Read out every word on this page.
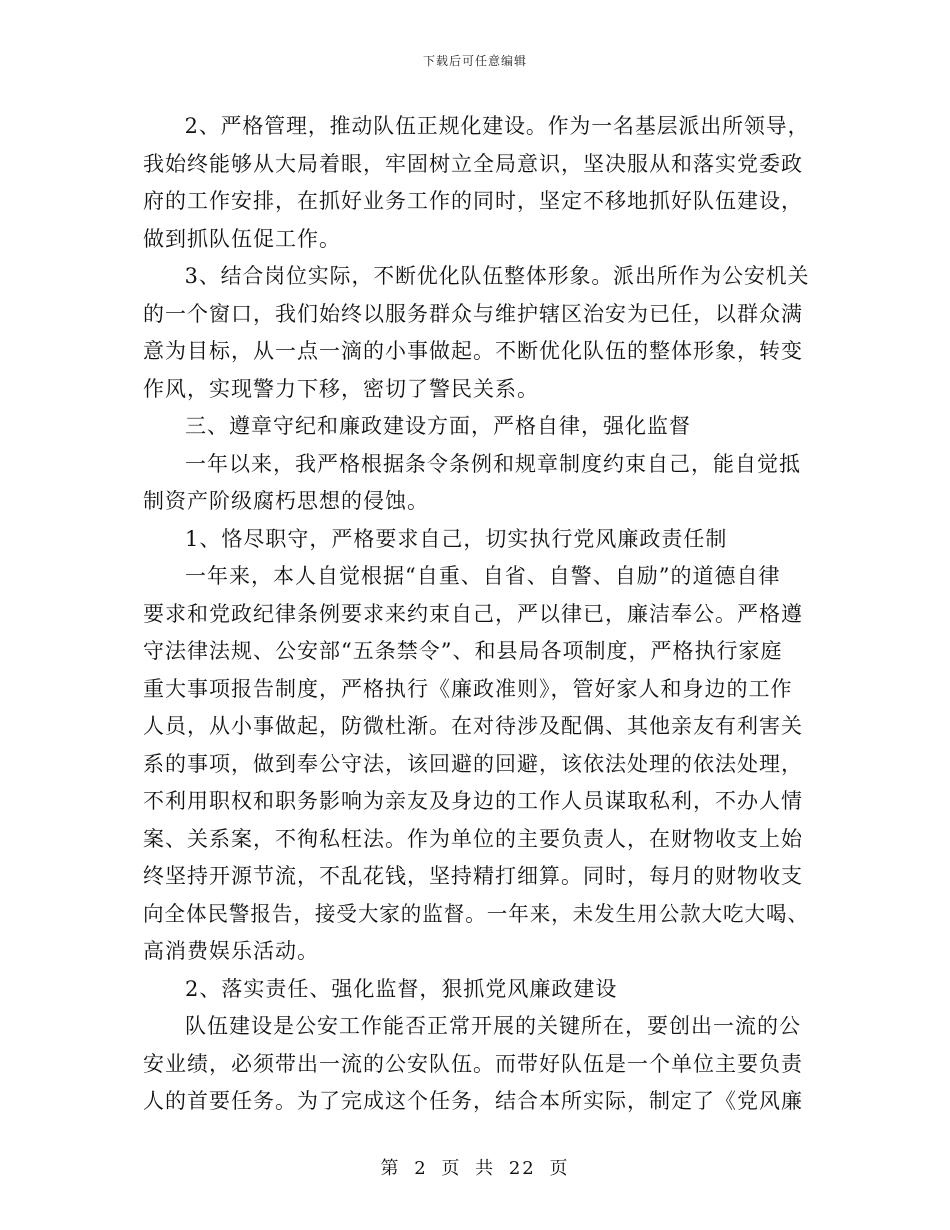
下载后可任意编辑
2、严格管理，推动队伍正规化建设。作为一名基层派出所领导，
我始终能够从大局着眼，牢固树立全局意识，坚决服从和落实党委政
府的工作安排，在抓好业务工作的同时，坚定不移地抓好队伍建设，
做到抓队伍促工作。
3、结合岗位实际，不断优化队伍整体形象。派出所作为公安机关
的一个窗口，我们始终以服务群众与维护辖区治安为已任，以群众满
意为目标，从一点一滴的小事做起。不断优化队伍的整体形象，转变
作风，实现警力下移，密切了警民关系。
三、遵章守纪和廉政建设方面，严格自律，强化监督
一年以来，我严格根据条令条例和规章制度约束自己，能自觉抵
制资产阶级腐朽思想的侵蚀。
1、恪尽职守，严格要求自己，切实执行党风廉政责任制
一年来，本人自觉根据“自重、自省、自警、自励”的道德自律
要求和党政纪律条例要求来约束自己，严以律已，廉洁奉公。严格遵
守法律法规、公安部“五条禁令”、和县局各项制度，严格执行家庭
重大事项报告制度，严格执行《廉政准则》，管好家人和身边的工作
人员，从小事做起，防微杜渐。在对待涉及配偶、其他亲友有利害关
系的事项，做到奉公守法，该回避的回避，该依法处理的依法处理，
不利用职权和职务影响为亲友及身边的工作人员谋取私利，不办人情
案、关系案，不徇私枉法。作为单位的主要负责人，在财物收支上始
终坚持开源节流，不乱花钱，坚持精打细算。同时，每月的财物收支
向全体民警报告，接受大家的监督。一年来，未发生用公款大吃大喝、
高消费娱乐活动。
2、落实责任、强化监督，狠抓党风廉政建设
队伍建设是公安工作能否正常开展的关键所在，要创出一流的公
安业绩，必须带出一流的公安队伍。而带好队伍是一个单位主要负责
人的首要任务。为了完成这个任务，结合本所实际，制定了《党风廉
第 2 页 共 22 页
